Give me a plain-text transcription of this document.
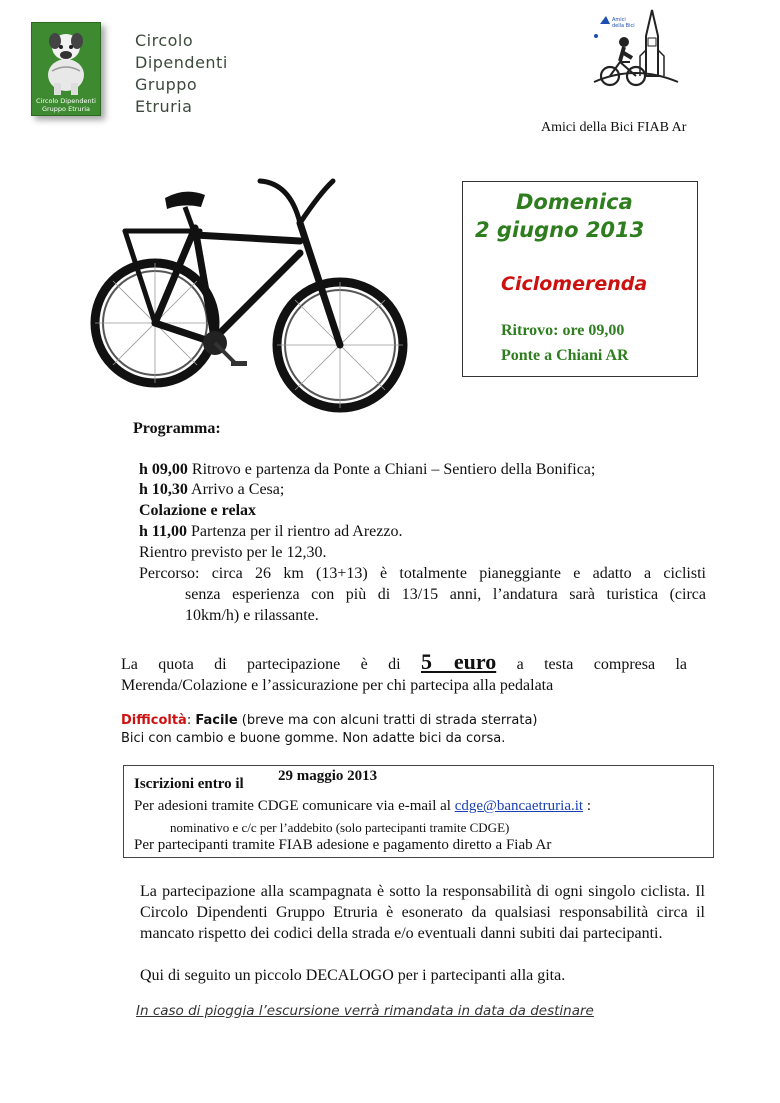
Circolo Dipendenti
Gruppo Etruria
Circolo
Dipendenti
Gruppo
Etruria
Amici
della Bici
Amici della Bici FIAB Ar
Domenica
2 giugno 2013
Ciclomerenda
Ritrovo: ore 09,00
Ponte a Chiani AR
Programma:
h 09,00 Ritrovo e partenza da Ponte a Chiani – Sentiero della Bonifica;
h 10,30 Arrivo a Cesa;
Colazione e relax
h 11,00 Partenza per il rientro ad Arezzo.
Rientro previsto per le 12,30.
Percorso: circa 26 km (13+13) è totalmente pianeggiante e adatto a ciclisti
senza esperienza con più di 13/15 anni, l’andatura sarà turistica (circa
10km/h) e rilassante.
La quota di partecipazione è di 5 euro a testa compresa la
Merenda/Colazione e l’assicurazione per chi partecipa alla pedalata
Difficoltà: Facile (breve ma con alcuni tratti di strada sterrata)
Bici con cambio e buone gomme. Non adatte bici da corsa.
Iscrizioni entro il 29 maggio 2013
Per adesioni tramite CDGE comunicare via e-mail al cdge@bancaetruria.it :
nominativo e c/c per l’addebito (solo partecipanti tramite CDGE)
Per partecipanti tramite FIAB adesione e pagamento diretto a Fiab Ar
La partecipazione alla scampagnata è sotto la responsabilità di ogni singolo ciclista. Il Circolo Dipendenti Gruppo Etruria è esonerato da qualsiasi responsabilità circa il mancato rispetto dei codici della strada e/o eventuali danni subiti dai partecipanti.
Qui di seguito un piccolo DECALOGO per i partecipanti alla gita.
In caso di pioggia l’escursione verrà rimandata in data da destinare
